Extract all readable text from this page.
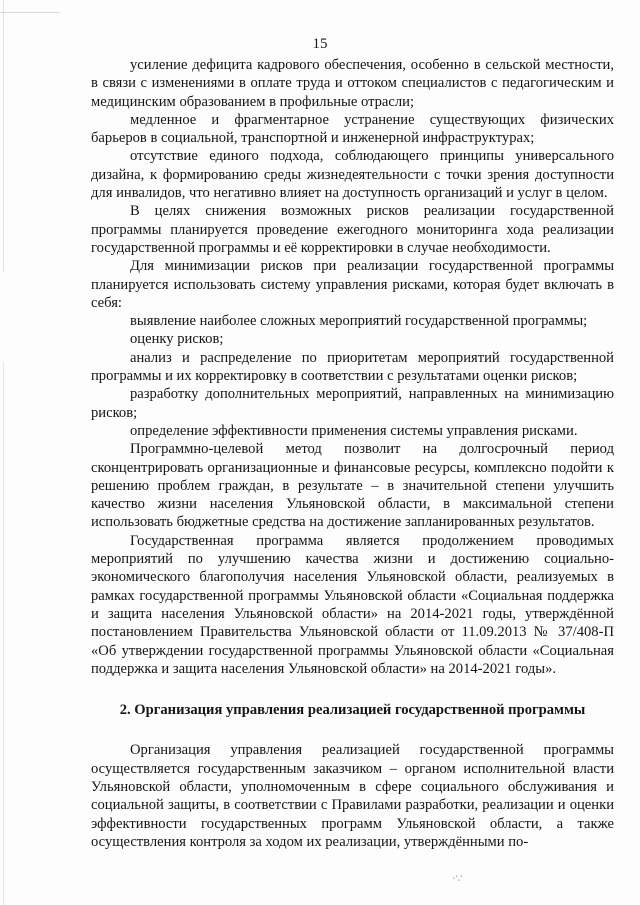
15

усиление дефицита кадрового обеспечения, особенно в сельской местности, в связи с изменениями в оплате труда и оттоком специалистов с педагогическим и медицинским образованием в профильные отрасли;

медленное и фрагментарное устранение существующих физических барьеров в социальной, транспортной и инженерной инфраструктурах;

отсутствие единого подхода, соблюдающего принципы универсального дизайна, к формированию среды жизнедеятельности с точки зрения доступности для инвалидов, что негативно влияет на доступность организаций и услуг в целом.

В целях снижения возможных рисков реализации государственной программы планируется проведение ежегодного мониторинга хода реализации государственной программы и её корректировки в случае необходимости.

Для минимизации рисков при реализации государственной программы планируется использовать систему управления рисками, которая будет включать в себя:

выявление наиболее сложных мероприятий государственной программы;

оценку рисков;

анализ и распределение по приоритетам мероприятий государственной программы и их корректировку в соответствии с результатами оценки рисков;

разработку дополнительных мероприятий, направленных на минимизацию рисков;

определение эффективности применения системы управления рисками.

Программно-целевой метод позволит на долгосрочный период сконцентрировать организационные и финансовые ресурсы, комплексно подойти к решению проблем граждан, в результате – в значительной степени улучшить качество жизни населения Ульяновской области, в максимальной степени использовать бюджетные средства на достижение запланированных результатов.

Государственная программа является продолжением проводимых мероприятий по улучшению качества жизни и достижению социально-экономического благополучия населения Ульяновской области, реализуемых в рамках государственной программы Ульяновской области «Социальная поддержка и защита населения Ульяновской области» на 2014-2021 годы, утверждённой постановлением Правительства Ульяновской области от 11.09.2013 № 37/408-П «Об утверждении государственной программы Ульяновской области «Социальная поддержка и защита населения Ульяновской области» на 2014-2021 годы».

2. Организация управления реализацией государственной программы

Организация управления реализацией государственной программы осуществляется государственным заказчиком – органом исполнительной власти Ульяновской области, уполномоченным в сфере социального обслуживания и социальной защиты, в соответствии с Правилами разработки, реализации и оценки эффективности государственных программ Ульяновской области, а также осуществления контроля за ходом их реализации, утверждёнными по-

·∵
